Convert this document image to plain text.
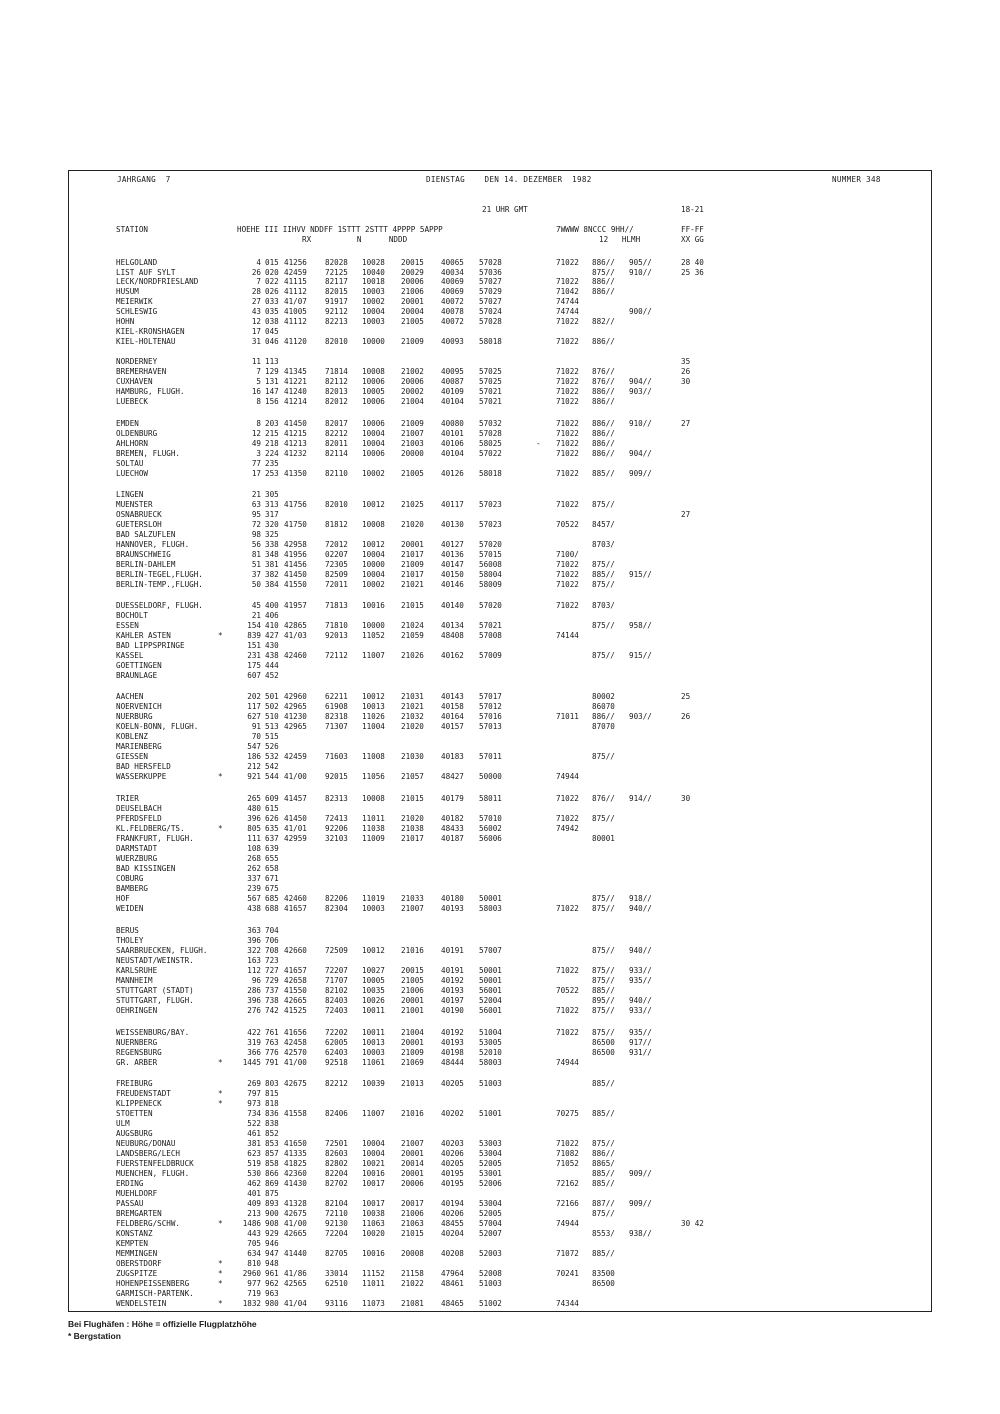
JAHRGANG  7	DIENSTAG    DEN 14. DEZEMBER  1982	NUMMER 348
21 UHR GMT	18-21
STATION	HOEHE III IIHVV NDDFF 1STTT 2STTT 4PPPP 5APPP
RX          N      NDDD
7WWWW 8NCCC 9HH//
12   HLMH
FF-FF
XX GG
HELGOLAND	4 015 41256 82028 10028 20015 40065 57028	71022 886// 905//	28 40
LIST AUF SYLT	26 020 42459 72125 10040 20029 40034 57036	875// 910//	25 36
LECK/NORDFRIESLAND	7 022 41115 82117 10018 20006 40069 57027	71022 886//
HUSUM	28 026 41112 82015 10003 21006 40069 57029	71042 886//
MEIERWIK	27 033 41/07 91917 10002 20001 40072 57027	74744
SCHLESWIG	43 035 41005 92112 10004 20004 40078 57024	74744	900//
HOHN	12 038 41112 82213 10003 21005 40072 57028	71022 882//
KIEL-KRONSHAGEN	17 045
KIEL-HOLTENAU	31 046 41120 82010 10000 21009 40093 58018	71022 886//
NORDERNEY	11 113	35
BREMERHAVEN	7 129 41345 71814 10008 21002 40095 57025	71022 876//	26
CUXHAVEN	5 131 41221 82112 10006 20006 40087 57025	71022 876// 904//	30
HAMBURG, FLUGH.	16 147 41240 82013 10005 20002 40109 57021	71022 886// 903//
LUEBECK	8 156 41214 82012 10006 21004 40104 57021	71022 886//
EMDEN	8 203 41450 82017 10006 21009 40080 57032	71022 886// 910//	27
OLDENBURG	12 215 41215 82212 10004 21007 40101 57028	71022 886//
AHLHORN	49 218 41213 82011 10004 21003 40106 58025	- 71022 886//
BREMEN, FLUGH.	3 224 41232 82114 10006 20000 40104 57022	71022 886// 904//
SOLTAU	77 235
LUECHOW	17 253 41350 82110 10002 21005 40126 58018	71022 885// 909//
LINGEN	21 305
MUENSTER	63 313 41756 82010 10012 21025 40117 57023	71022 875//
OSNABRUECK	95 317	27
GUETERSLOH	72 320 41750 81812 10008 21020 40130 57023	70522 8457/
BAD SALZUFLEN	98 325
HANNOVER, FLUGH.	56 338 42958 72012 10012 20001 40127 57020	8703/
BRAUNSCHWEIG	81 348 41956 02207 10004 21017 40136 57015	7100/
BERLIN-DAHLEM	51 381 41456 72305 10000 21009 40147 56008	71022 875//
BERLIN-TEGEL,FLUGH.	37 382 41450 82509 10004 21017 40150 58004	71022 885// 915//
BERLIN-TEMP.,FLUGH.	50 384 41550 72011 10002 21021 40146 58009	71022 875//
DUESSELDORF, FLUGH.	45 400 41957 71813 10016 21015 40140 57020	71022 8703/
BOCHOLT	21 406
ESSEN	154 410 42865 71810 10000 21024 40134 57021	875// 958//
KAHLER ASTEN	*	839 427 41/03 92013 11052 21059 48408 57008	74144
BAD LIPPSPRINGE	151 430
KASSEL	231 438 42460 72112 11007 21026 40162 57009	875// 915//
GOETTINGEN	175 444
BRAUNLAGE	607 452
AACHEN	202 501 42960 62211 10012 21031 40143 57017	80002	25
NOERVENICH	117 502 42965 61908 10013 21021 40158 57012	86070
NUERBURG	627 510 41230 82318 11026 21032 40164 57016	71011 886// 903//	26
KOELN-BONN, FLUGH.	91 513 42965 71307 11004 21020 40157 57013	87070
KOBLENZ	70 515
MARIENBERG	547 526
GIESSEN	186 532 42459 71603 11008 21030 40183 57011	875//
BAD HERSFELD	212 542
WASSERKUPPE	*	921 544 41/00 92015 11056 21057 48427 50000	74944
TRIER	265 609 41457 82313 10008 21015 40179 58011	71022 876// 914//	30
DEUSELBACH	480 615
PFERDSFELD	396 626 41450 72413 11011 21020 40182 57010	71022 875//
KL.FELDBERG/TS.	*	805 635 41/01 92206 11038 21038 48433 56002	74942
FRANKFURT, FLUGH.	111 637 42959 32103 11009 21017 40187 56006	80001
DARMSTADT	108 639
WUERZBURG	268 655
BAD KISSINGEN	262 658
COBURG	337 671
BAMBERG	239 675
HOF	567 685 42460 82206 11019 21033 40180 50001	875// 918//
WEIDEN	438 688 41657 82304 10003 21007 40193 58003	71022 875// 940//
BERUS	363 704
THOLEY	396 706
SAARBRUECKEN, FLUGH.	322 708 42660 72509 10012 21016 40191 57007	875// 940//
NEUSTADT/WEINSTR.	163 723
KARLSRUHE	112 727 41657 72207 10027 20015 40191 50001	71022 875// 933//
MANNHEIM	96 729 42658 71707 10005 21005 40192 50001	875// 935//
STUTTGART (STADT)	286 737 41550 82102 10035 21006 40193 56001	70522 885//
STUTTGART, FLUGH.	396 738 42665 82403 10026 20001 40197 52004	895// 940//
OEHRINGEN	276 742 41525 72403 10011 21001 40190 56001	71022 875// 933//
WEISSENBURG/BAY.	422 761 41656 72202 10011 21004 40192 51004	71022 875// 935//
NUERNBERG	319 763 42458 62005 10013 20001 40193 53005	86500 917//
REGENSBURG	366 776 42570 62403 10003 21009 40198 52010	86500 931//
GR. ARBER	*	1445 791 41/00 92518 11061 21069 48444 58003	74944
FREIBURG	269 803 42675 82212 10039 21013 40205 51003	885//
FREUDENSTADT	*	797 815
KLIPPENECK	*	973 818
STOETTEN	734 836 41558 82406 11007 21016 40202 51001	70275 885//
ULM	522 838
AUGSBURG	461 852
NEUBURG/DONAU	381 853 41650 72501 10004 21007 40203 53003	71022 875//
LANDSBERG/LECH	623 857 41335 82603 10004 20001 40206 53004	71082 886//
FUERSTENFELDBRUCK	519 858 41825 82802 10021 20014 40205 52005	71052 8865/
MUENCHEN, FLUGH.	530 866 42360 82204 10016 20001 40195 53001	885// 909//
ERDING	462 869 41430 82702 10017 20006 40195 52006	72162 885//
MUEHLDORF	401 875
PASSAU	409 893 41328 82104 10017 20017 40194 53004	72166 887// 909//
BREMGARTEN	213 900 42675 72110 10038 21006 40206 52005	875//
FELDBERG/SCHW.	*	1486 908 41/00 92130 11063 21063 48455 57004	74944	30 42
KONSTANZ	443 929 42665 72204 10020 21015 40204 52007	8553/ 938//
KEMPTEN	705 946
MEMMINGEN	634 947 41440 82705 10016 20008 40208 52003	71072 885//
OBERSTDORF	*	810 948
ZUGSPITZE	*	2960 961 41/86 33014 11152 21158 47964 52008	70241 83500
HOHENPEISSENBERG	*	977 962 42565 62510 11011 21022 48461 51003	86500
GARMISCH-PARTENK.	719 963
WENDELSTEIN	*	1832 980 41/04 93116 11073 21081 48465 51002	74344
Bei Flughäfen : Höhe = offizielle Flugplatzhöhe
* Bergstation
